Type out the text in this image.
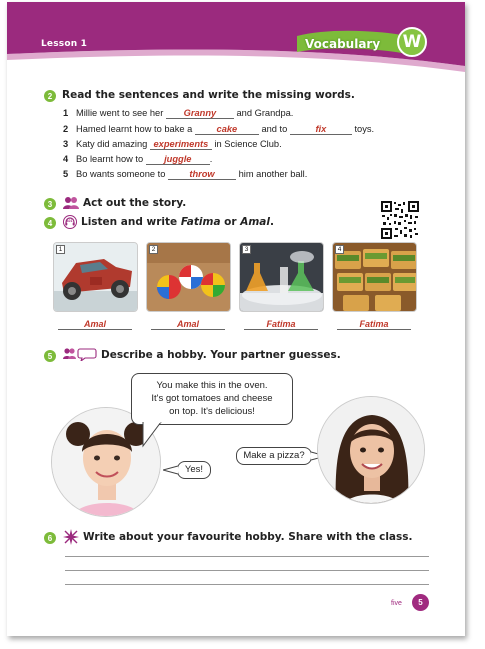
Lesson 1	Vocabulary	W
2 Read the sentences and write the missing words.
1 Millie went to see her Granny and Grandpa.
2 Hamed learnt how to bake a cake and to	fix	toys.
3 Katy did amazing experiments in Science Club.
4 Bo learnt how to juggle .
5 Bo wants someone to throw him another ball.
3	Act out the story.
4	A01 Listen and write Fatima or Amal.
1	2	3	4
Amal	Amal	Fatima	Fatima
5	Describe a hobby. Your partner guesses.
You make this in the oven.
It's got tomatoes and cheese
on top. It's delicious!
Yes!
Make a pizza?
6	Write about your favourite hobby. Share with the class.
five	5
